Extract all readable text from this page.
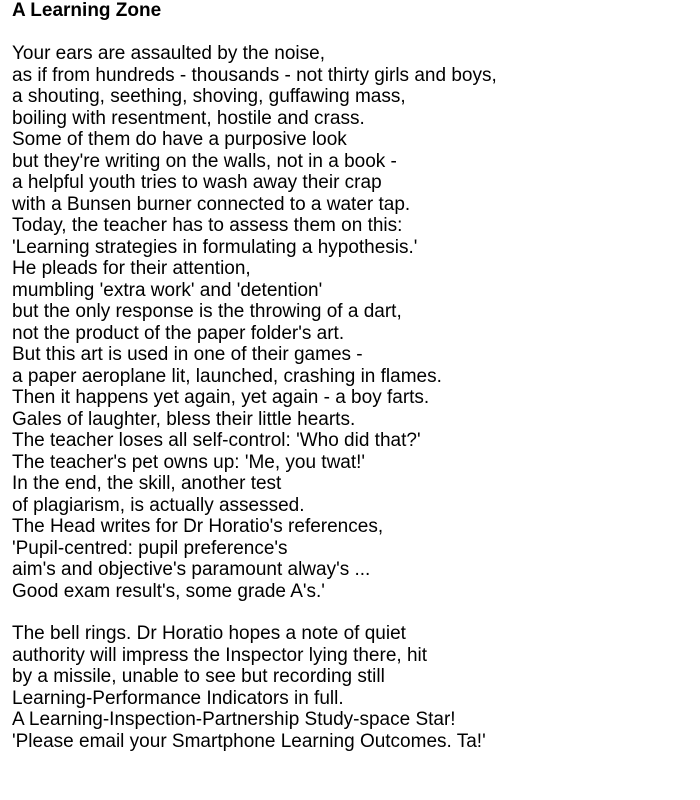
A Learning Zone
Your ears are assaulted by the noise,
as if from hundreds - thousands - not thirty girls and boys,
a shouting, seething, shoving, guffawing mass,
boiling with resentment, hostile and crass.
Some of them do have a purposive look
but they're writing on the walls, not in a book -
a helpful youth tries to wash away their crap
with a Bunsen burner connected to a water tap.
Today, the teacher has to assess them on this:
'Learning strategies in formulating a hypothesis.'
He pleads for their attention,
mumbling 'extra work' and 'detention'
but the only response is the throwing of a dart,
not the product of the paper folder's art.
But this art is used in one of their games -
a paper aeroplane lit, launched, crashing in flames.
Then it happens yet again, yet again - a boy farts.
Gales of laughter, bless their little hearts.
The teacher loses all self-control: 'Who did that?'
The teacher's pet owns up: 'Me, you twat!'
In the end, the skill, another test
of plagiarism, is actually assessed.
The Head writes for Dr Horatio's references,
'Pupil-centred: pupil preference's
aim's and objective's paramount alway's ...
Good exam result's, some grade A's.'
The bell rings. Dr Horatio hopes a note of quiet
authority will impress the Inspector lying there, hit
by a missile, unable to see but recording still
Learning-Performance Indicators in full.
A Learning-Inspection-Partnership Study-space Star!
'Please email your Smartphone Learning Outcomes. Ta!'
